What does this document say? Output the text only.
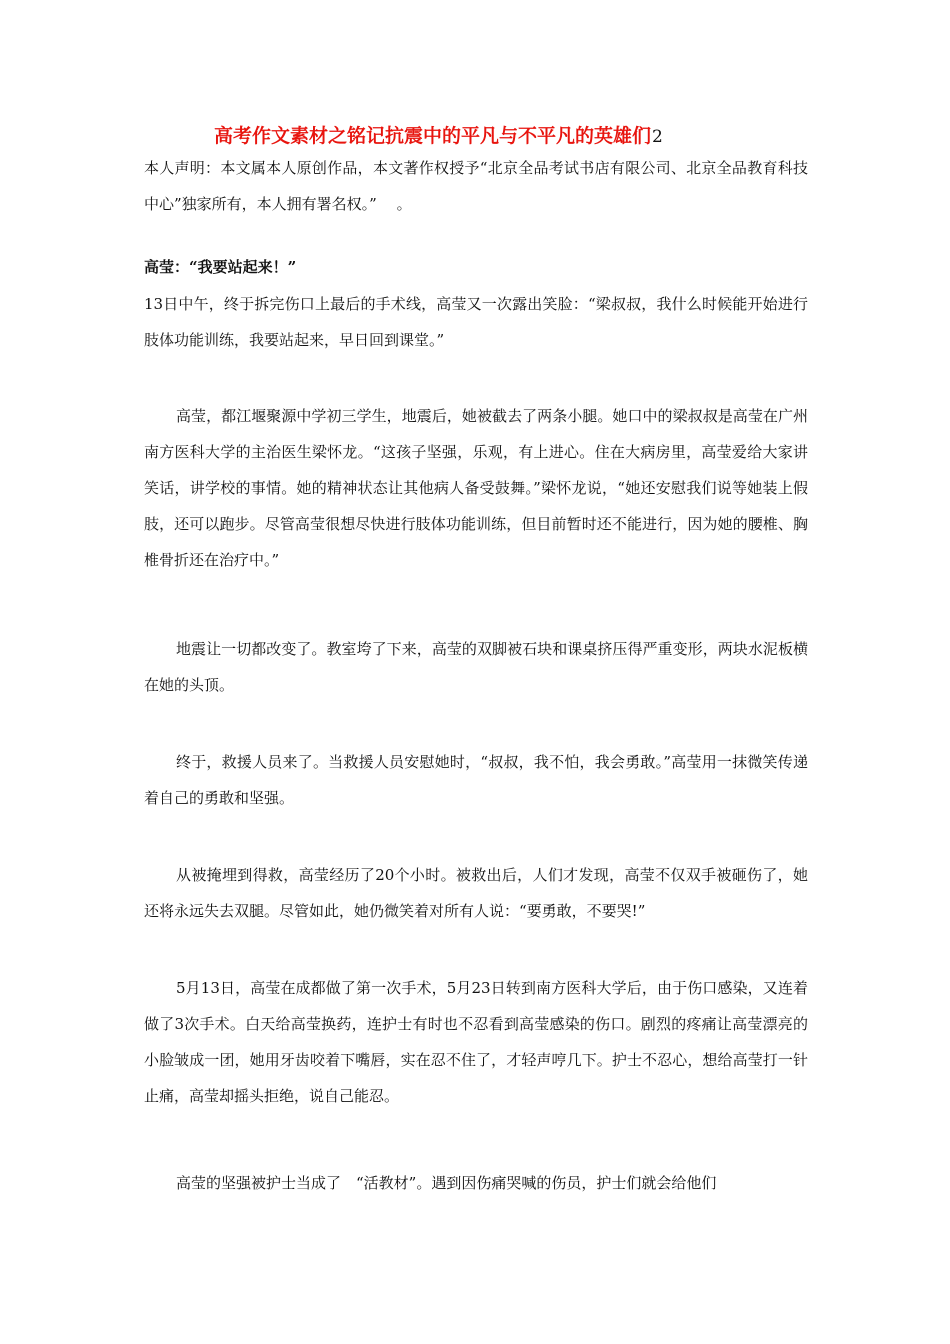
高考作文素材之铭记抗震中的平凡与不平凡的英雄们2

本人声明：本文属本人原创作品，本文著作权授予“北京全品考试书店有限公司、北京全品教育科技中心”独家所有，本人拥有署名权。”　 。

高莹：“我要站起来！”

13日中午，终于拆完伤口上最后的手术线，高莹又一次露出笑脸：“梁叔叔，我什么时候能开始进行肢体功能训练，我要站起来，早日回到课堂。”

高莹，都江堰聚源中学初三学生，地震后，她被截去了两条小腿。她口中的梁叔叔是高莹在广州南方医科大学的主治医生梁怀龙。“这孩子坚强，乐观，有上进心。住在大病房里，高莹爱给大家讲笑话，讲学校的事情。她的精神状态让其他病人备受鼓舞。”梁怀龙说，“她还安慰我们说等她装上假肢，还可以跑步。尽管高莹很想尽快进行肢体功能训练，但目前暂时还不能进行，因为她的腰椎、胸椎骨折还在治疗中。”

地震让一切都改变了。教室垮了下来，高莹的双脚被石块和课桌挤压得严重变形，两块水泥板横在她的头顶。

终于，救援人员来了。当救援人员安慰她时，“叔叔，我不怕，我会勇敢。”高莹用一抹微笑传递着自己的勇敢和坚强。

从被掩埋到得救，高莹经历了20个小时。被救出后，人们才发现，高莹不仅双手被砸伤了，她还将永远失去双腿。尽管如此，她仍微笑着对所有人说：“要勇敢，不要哭!”

5月13日，高莹在成都做了第一次手术，5月23日转到南方医科大学后，由于伤口感染，又连着做了3次手术。白天给高莹换药，连护士有时也不忍看到高莹感染的伤口。剧烈的疼痛让高莹漂亮的小脸皱成一团，她用牙齿咬着下嘴唇，实在忍不住了，才轻声哼几下。护士不忍心，想给高莹打一针止痛，高莹却摇头拒绝，说自己能忍。

高莹的坚强被护士当成了　“活教材”。遇到因伤痛哭喊的伤员，护士们就会给他们
